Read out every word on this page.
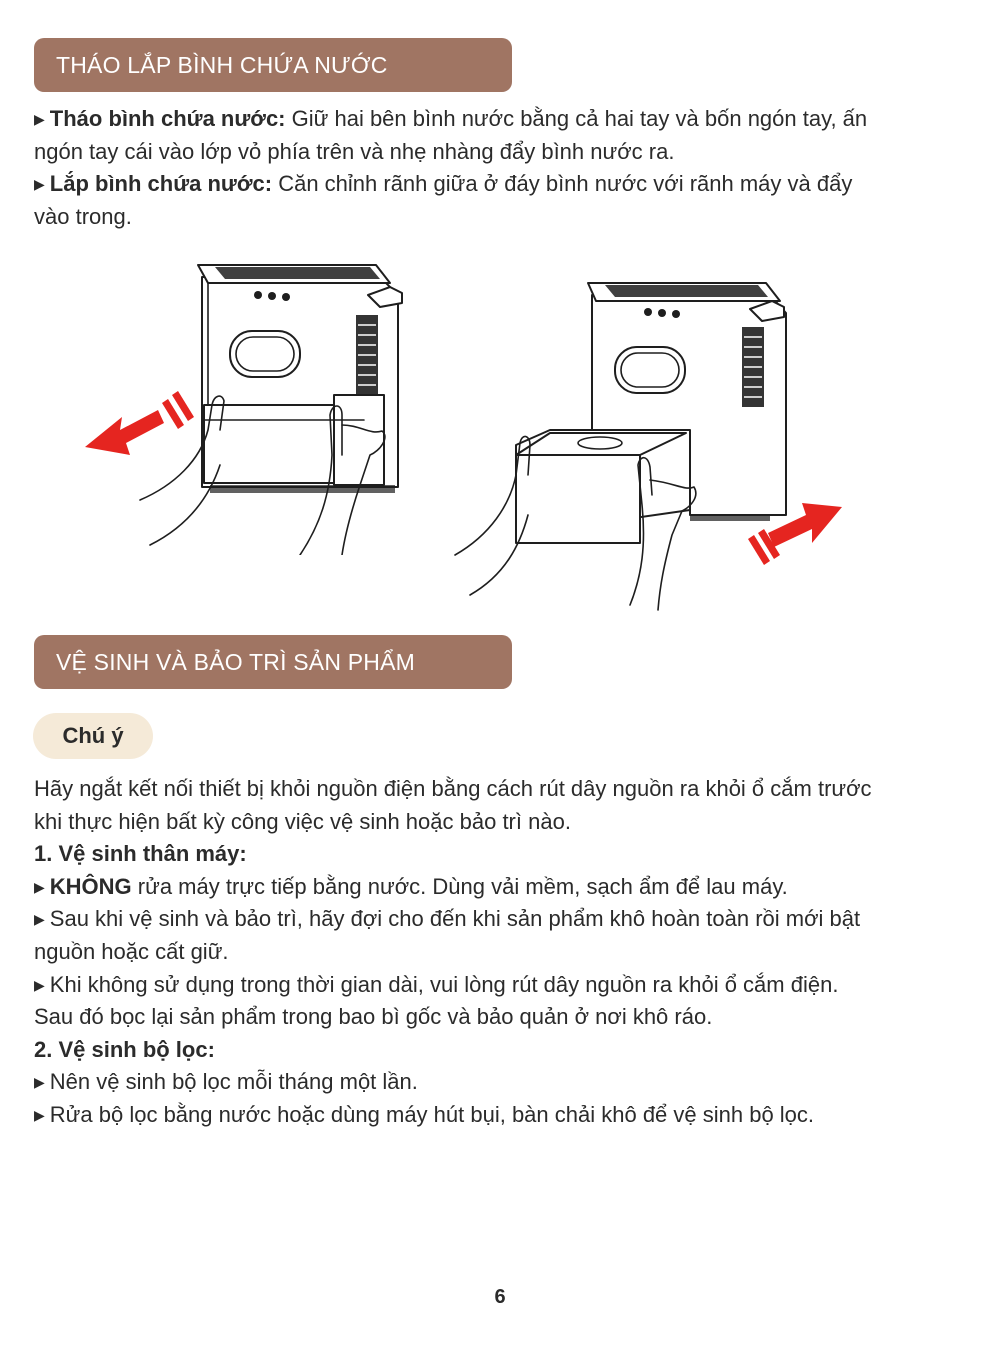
THÁO LẮP BÌNH CHỨA NƯỚC
▶ Tháo bình chứa nước: Giữ hai bên bình nước bằng cả hai tay và bốn ngón tay, ấn
ngón tay cái vào lớp vỏ phía trên và nhẹ nhàng đẩy bình nước ra.
▶ Lắp bình chứa nước: Căn chỉnh rãnh giữa ở đáy bình nước với rãnh máy và đẩy
vào trong.
VỆ SINH VÀ BẢO TRÌ SẢN PHẨM
Chú ý
Hãy ngắt kết nối thiết bị khỏi nguồn điện bằng cách rút dây nguồn ra khỏi ổ cắm trước
khi thực hiện bất kỳ công việc vệ sinh hoặc bảo trì nào.
1. Vệ sinh thân máy:
▶ KHÔNG rửa máy trực tiếp bằng nước. Dùng vải mềm, sạch ẩm để lau máy.
▶ Sau khi vệ sinh và bảo trì, hãy đợi cho đến khi sản phẩm khô hoàn toàn rồi mới bật
nguồn hoặc cất giữ.
▶ Khi không sử dụng trong thời gian dài, vui lòng rút dây nguồn ra khỏi ổ cắm điện.
Sau đó bọc lại sản phẩm trong bao bì gốc và bảo quản ở nơi khô ráo.
2. Vệ sinh bộ lọc:
▶ Nên vệ sinh bộ lọc mỗi tháng một lần.
▶ Rửa bộ lọc bằng nước hoặc dùng máy hút bụi, bàn chải khô để vệ sinh bộ lọc.
6
